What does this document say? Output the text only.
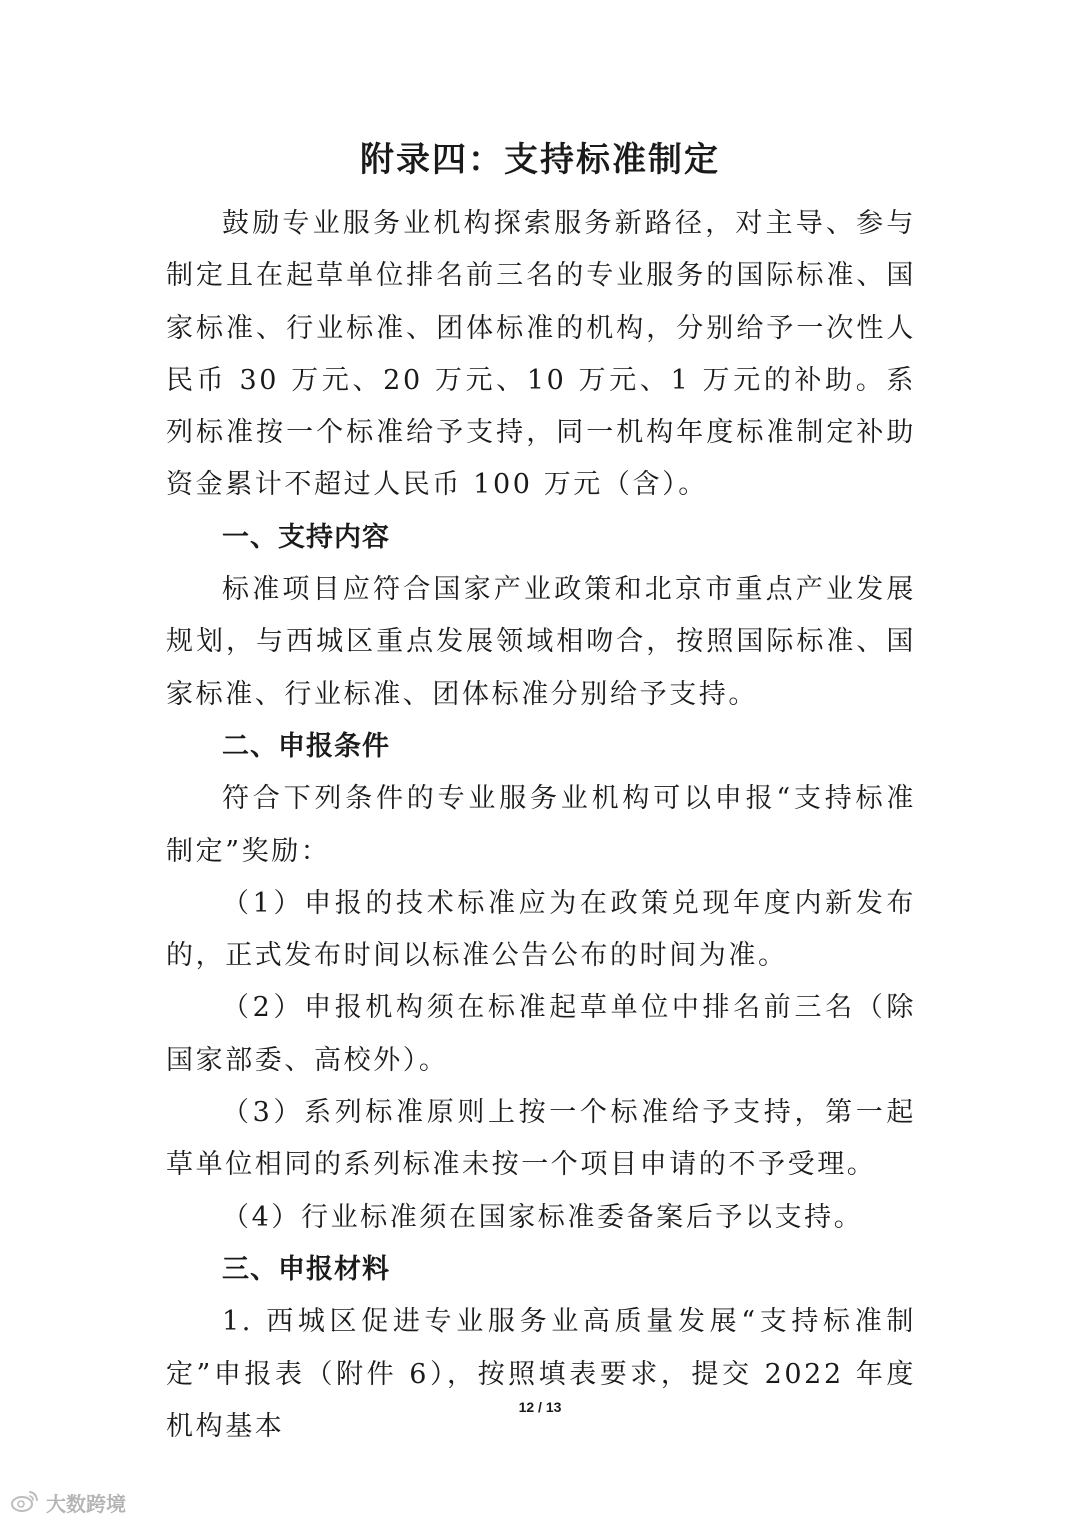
附录四：支持标准制定

鼓励专业服务业机构探索服务新路径，对主导、参与制定且在起草单位排名前三名的专业服务的国际标准、国家标准、行业标准、团体标准的机构，分别给予一次性人民币 30 万元、20 万元、10 万元、1 万元的补助。系列标准按一个标准给予支持，同一机构年度标准制定补助资金累计不超过人民币 100 万元（含）。

一、支持内容

标准项目应符合国家产业政策和北京市重点产业发展规划，与西城区重点发展领域相吻合，按照国际标准、国家标准、行业标准、团体标准分别给予支持。

二、申报条件

符合下列条件的专业服务业机构可以申报“支持标准制定”奖励：

（1）申报的技术标准应为在政策兑现年度内新发布的，正式发布时间以标准公告公布的时间为准。

（2）申报机构须在标准起草单位中排名前三名（除国家部委、高校外）。

（3）系列标准原则上按一个标准给予支持，第一起草单位相同的系列标准未按一个项目申请的不予受理。

（4）行业标准须在国家标准委备案后予以支持。

三、申报材料

1. 西城区促进专业服务业高质量发展“支持标准制定”申报表（附件 6），按照填表要求，提交 2022 年度机构基本

12 / 13
大数跨境
